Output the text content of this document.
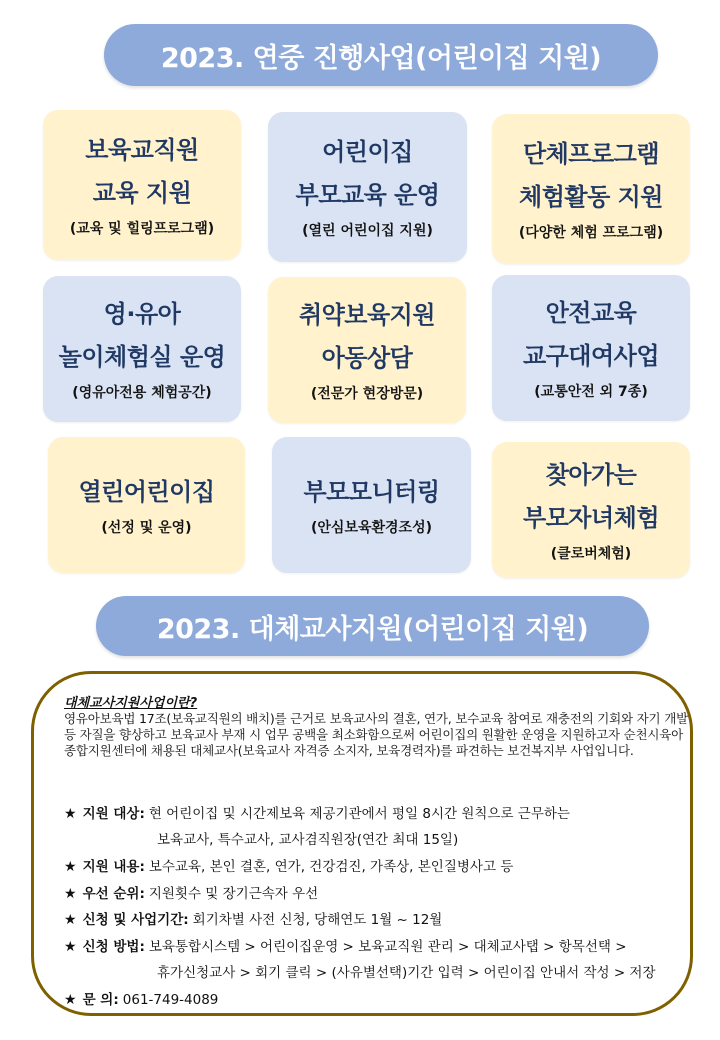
2023. 연중 진행사업(어린이집 지원)
보육교직원
교육 지원
(교육 및 힐링프로그램)
어린이집
부모교육 운영
(열린 어린이집 지원)
단체프로그램
체험활동 지원
(다양한 체험 프로그램)
영·유아
놀이체험실 운영
(영유아전용 체험공간)
취약보육지원
아동상담
(전문가 현장방문)
안전교육
교구대여사업
(교통안전 외 7종)
열린어린이집
(선정 및 운영)
부모모니터링
(안심보육환경조성)
찾아가는
부모자녀체험
(클로버체험)
2023. 대체교사지원(어린이집 지원)
대체교사지원사업이란?
영유아보육법 17조(보육교직원의 배치)를 근거로 보육교사의 결혼, 연가, 보수교육 참여로 재충전의 기회와 자기 개발 등 자질을 향상하고 보육교사 부재 시 업무 공백을 최소화함으로써 어린이집의 원활한 운영을 지원하고자 순천시육아종합지원센터에 채용된 대체교사(보육교사 자격증 소지자, 보육경력자)를 파견하는 보건복지부 사업입니다.
★ 지원 대상 : 현 어린이집 및 시간제보육 제공기관에서 평일 8시간 원칙으로 근무하는
보육교사, 특수교사, 교사겸직원장(연간 최대 15일)
★ 지원 내용 : 보수교육, 본인 결혼, 연가, 건강검진, 가족상, 본인질병사고 등
★ 우선 순위 : 지원횟수 및 장기근속자 우선
★ 신청 및 사업기간 : 회기차별 사전 신청, 당해연도 1월 ~ 12월
★ 신청 방법 : 보육통합시스템 > 어린이집운영 > 보육교직원 관리 > 대체교사탭 > 항목선택 >
휴가신청교사 > 회기 클릭 > (사유별선택)기간 입력 > 어린이집 안내서 작성 > 저장
★ 문 의 : 061-749-4089
